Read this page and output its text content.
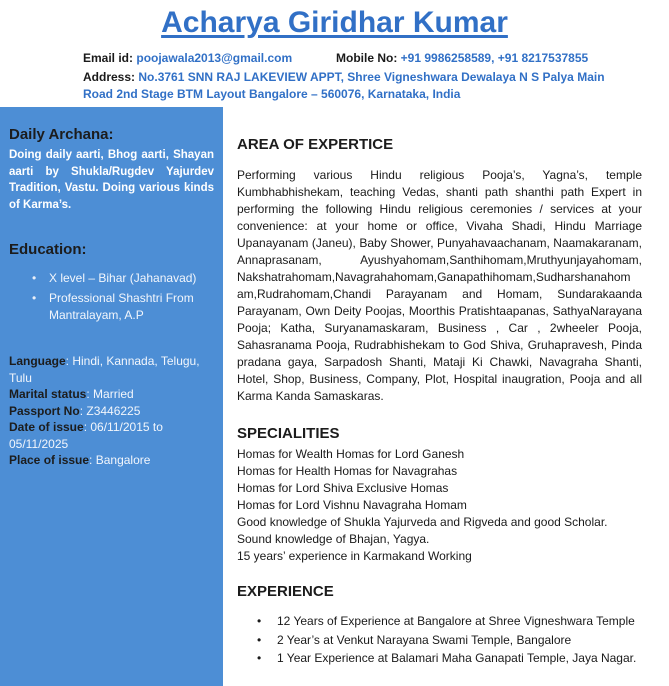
Acharya Giridhar Kumar
Email id: poojawala2013@gmail.com	Mobile No: +91 9986258589, +91 8217537855
Address: No.3761 SNN RAJ LAKEVIEW APPT, Shree Vigneshwara Dewalaya N S Palya Main Road 2nd Stage BTM Layout Bangalore – 560076, Karnataka, India
Daily Archana:
Doing daily aarti, Bhog aarti, Shayan aarti by Shukla/Rugdev Yajurdev Tradition, Vastu. Doing various kinds of Karma’s.
Education:
• X level – Bihar (Jahanavad)
• Professional Shashtri From Mantralayam, A.P
Language: Hindi, Kannada, Telugu, Tulu
Marital status: Married
Passport No: Z3446225
Date of issue: 06/11/2015 to 05/11/2025
Place of issue: Bangalore
AREA OF EXPERTICE
Performing various Hindu religious Pooja’s, Yagna’s, temple Kumbhabhishekam, teaching Vedas, shanti path shanthi path Expert in performing the following Hindu religious ceremonies / services at your convenience: at your home or office, Vivaha Shadi, Hindu Marriage Upanayanam (Janeu), Baby Shower, Punyahavaachanam, Naamakaranam, Annaprasanam, Ayushyahomam,Santhihomam,Mruthyunjayahomam, Nakshatrahomam,Navagrahahomam,Ganapathihomam,Sudharshanahom am,Rudrahomam,Chandi Parayanam and Homam, Sundarakaanda Parayanam, Own Deity Poojas, Moorthis Pratishtaapanas, SathyaNarayana Pooja; Katha, Suryanamaskaram, Business , Car , 2wheeler Pooja, Sahasranama Pooja, Rudrabhishekam to God Shiva, Gruhapravesh, Pinda pradana gaya, Sarpadosh Shanti, Mataji Ki Chawki, Navagraha Shanti, Hotel, Shop, Business, Company, Plot, Hospital inaugration, Pooja and all Karma Kanda Samaskaras.
SPECIALITIES
Homas for Wealth Homas for Lord Ganesh
Homas for Health Homas for Navagrahas
Homas for Lord Shiva Exclusive Homas
Homas for Lord Vishnu Navagraha Homam
Good knowledge of Shukla Yajurveda and Rigveda and good Scholar.
Sound knowledge of Bhajan, Yagya.
15 years’ experience in Karmakand Working
EXPERIENCE
• 12 Years of Experience at Bangalore at Shree Vigneshwara Temple
• 2 Year’s at Venkut Narayana Swami Temple, Bangalore
• 1 Year Experience at Balamari Maha Ganapati Temple, Jaya Nagar.
